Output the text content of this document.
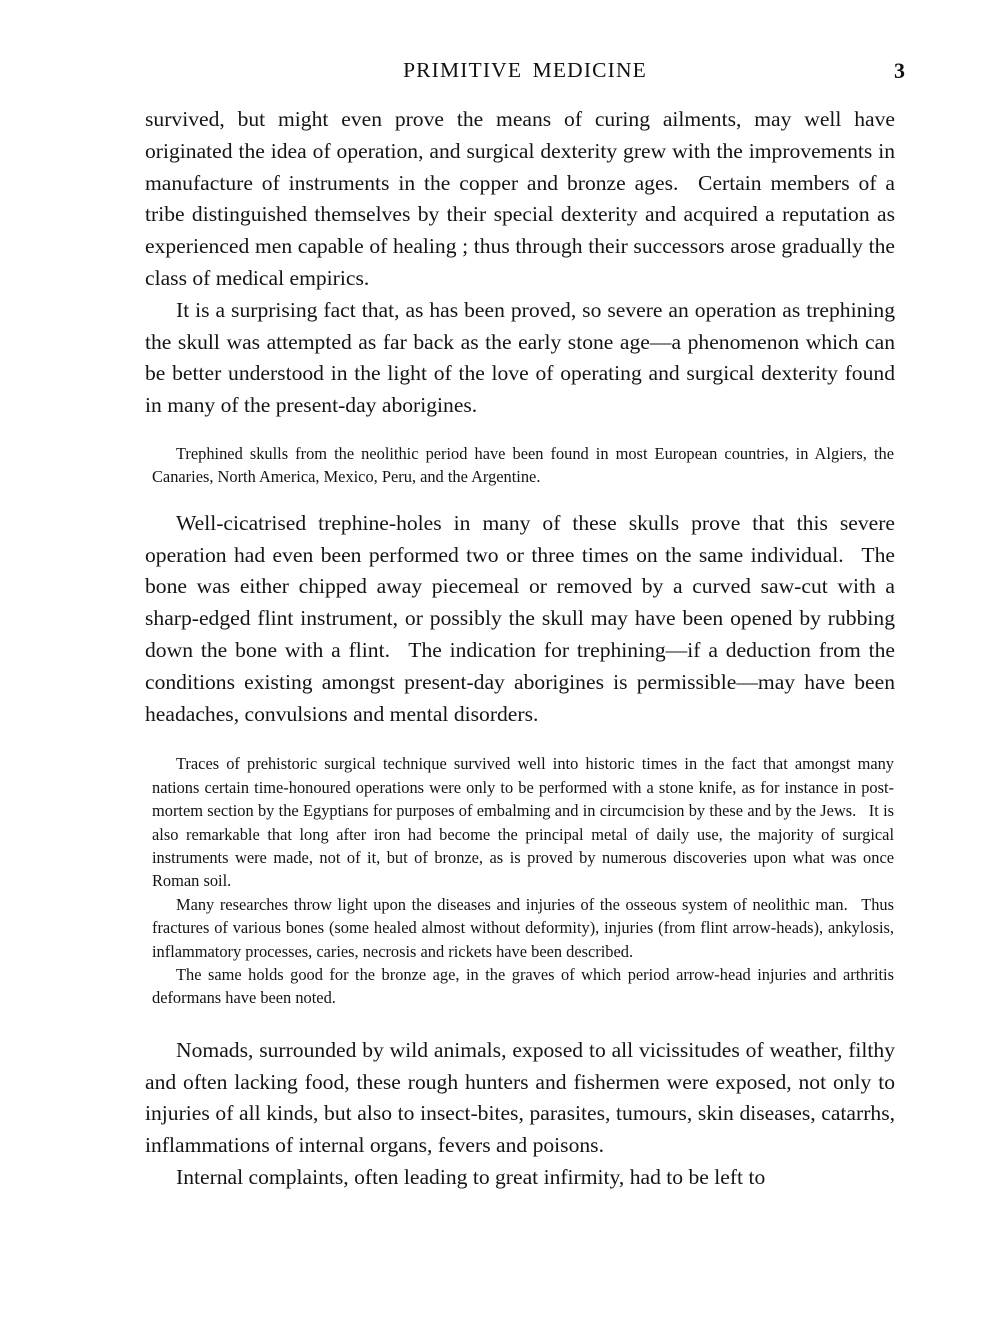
PRIMITIVE MEDICINE	3

survived, but might even prove the means of curing ailments, may well have originated the idea of operation, and surgical dexterity grew with the improvements in manufacture of instruments in the copper and bronze ages.  Certain members of a tribe distinguished themselves by their special dexterity and acquired a reputation as experienced men capable of healing ; thus through their successors arose gradually the class of medical empirics.

It is a surprising fact that, as has been proved, so severe an operation as trephining the skull was attempted as far back as the early stone age—a phenomenon which can be better understood in the light of the love of operating and surgical dexterity found in many of the present-day aborigines.

Trephined skulls from the neolithic period have been found in most European countries, in Algiers, the Canaries, North America, Mexico, Peru, and the Argentine.

Well-cicatrised trephine-holes in many of these skulls prove that this severe operation had even been performed two or three times on the same individual.  The bone was either chipped away piecemeal or removed by a curved saw-cut with a sharp-edged flint instrument, or possibly the skull may have been opened by rubbing down the bone with a flint.  The indication for trephining—if a deduction from the conditions existing amongst present-day aborigines is permissible—may have been headaches, convulsions and mental disorders.

Traces of prehistoric surgical technique survived well into historic times in the fact that amongst many nations certain time-honoured operations were only to be performed with a stone knife, as for instance in post-mortem section by the Egyptians for purposes of embalming and in circumcision by these and by the Jews.  It is also remarkable that long after iron had become the principal metal of daily use, the majority of surgical instruments were made, not of it, but of bronze, as is proved by numerous discoveries upon what was once Roman soil.

Many researches throw light upon the diseases and injuries of the osseous system of neolithic man.  Thus fractures of various bones (some healed almost without deformity), injuries (from flint arrow-heads), ankylosis, inflammatory processes, caries, necrosis and rickets have been described.

The same holds good for the bronze age, in the graves of which period arrow-head injuries and arthritis deformans have been noted.

Nomads, surrounded by wild animals, exposed to all vicissitudes of weather, filthy and often lacking food, these rough hunters and fishermen were exposed, not only to injuries of all kinds, but also to insect-bites, parasites, tumours, skin diseases, catarrhs, inflammations of internal organs, fevers and poisons.

Internal complaints, often leading to great infirmity, had to be left to
